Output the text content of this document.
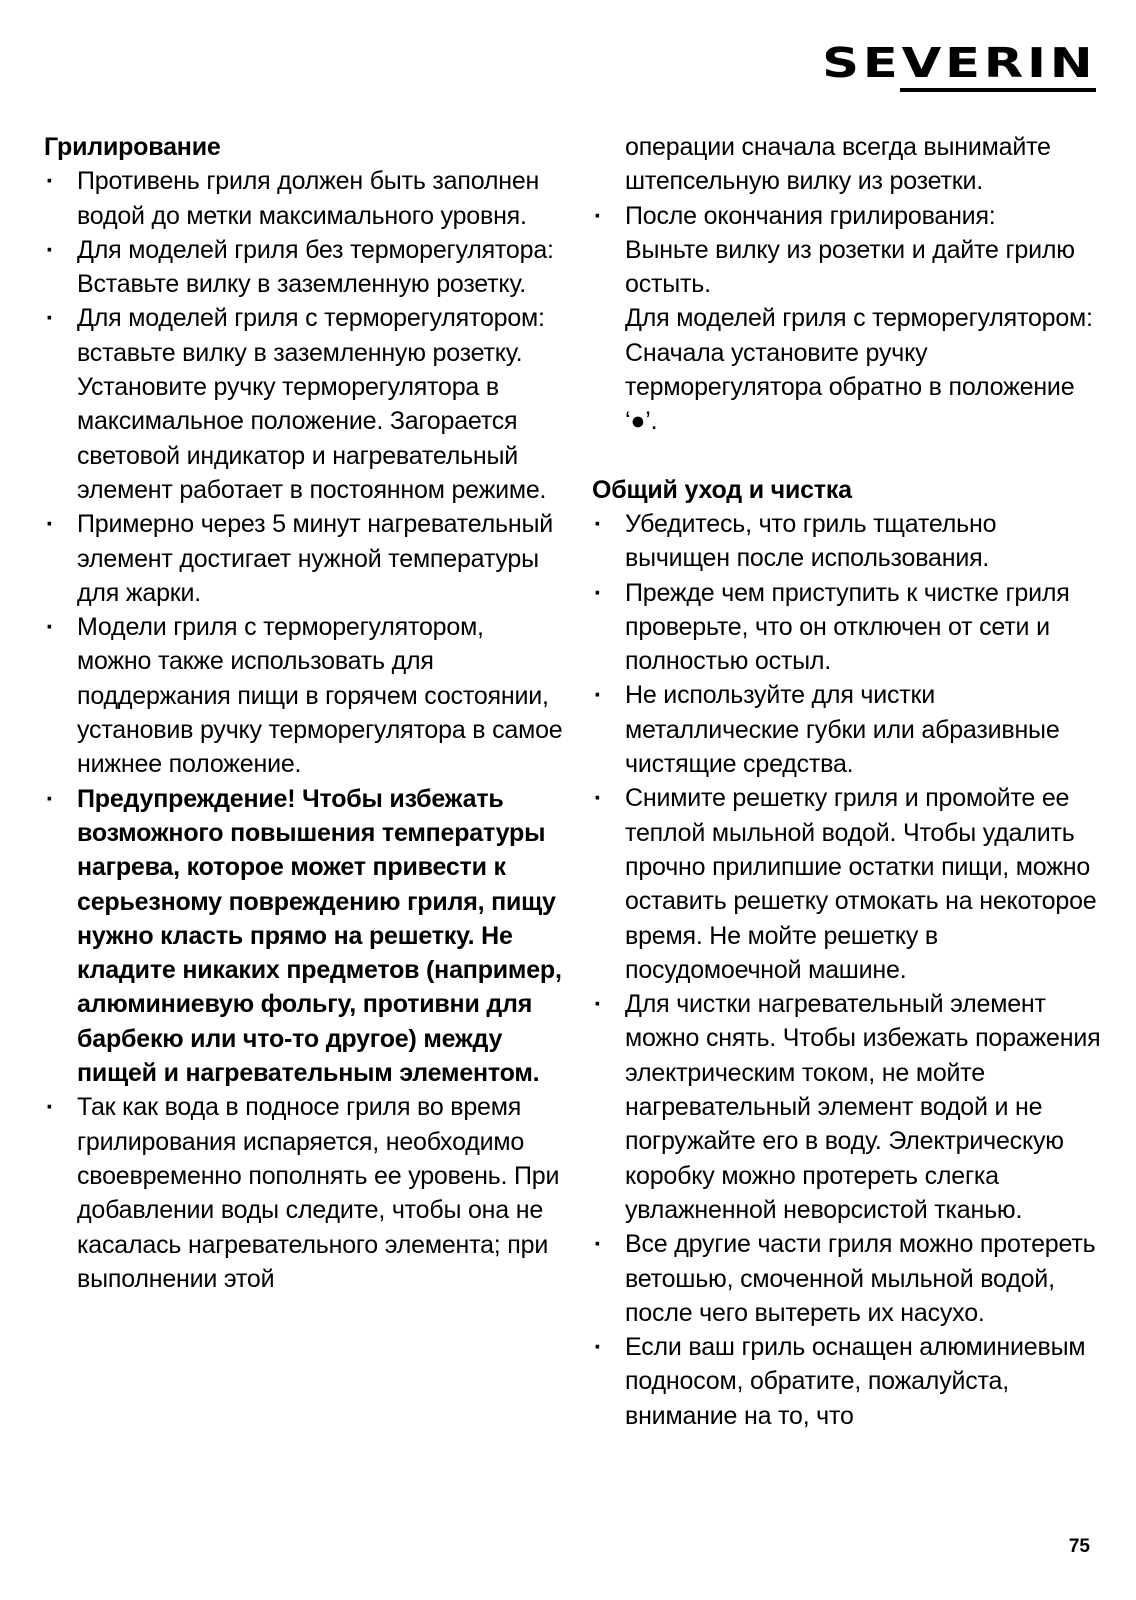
SEVERIN
Грилирование
· Противень гриля должен быть заполнен водой до метки максимального уровня.

· Для моделей гриля без терморегулятора:

Вставьте вилку в заземленную розетку.

· Для моделей гриля с терморегулятором:

вставьте вилку в заземленную розетку. Установите ручку терморегулятора в максимальное положение. Загорается световой индикатор и нагревательный элемент работает в постоянном режиме.

· Примерно через 5 минут нагревательный элемент достигает нужной температуры для жарки.

· Модели гриля с терморегулятором, можно также использовать для поддержания пищи в горячем состоянии, установив ручку терморегулятора в самое нижнее положение.

· Предупреждение! Чтобы избежать возможного повышения температуры нагрева, которое может привести к серьезному повреждению гриля, пищу нужно класть прямо на решетку. Не кладите никаких предметов (например, алюминиевую фольгу, противни для барбекю или что-то другое) между пищей и нагревательным элементом.

· Так как вода в подносе гриля во время грилирования испаряется, необходимо своевременно пополнять ее уровень. При добавлении воды следите, чтобы она не касалась нагревательного элемента; при выполнении этой

операции сначала всегда вынимайте штепсельную вилку из розетки.

· После окончания грилирования:

Выньте вилку из розетки и дайте грилю остыть.

Для моделей гриля с терморегулятором:

Сначала установите ручку терморегулятора обратно в положение ‘●’.

Общий уход и чистка
· Убедитесь, что гриль тщательно вычищен после использования.

· Прежде чем приступить к чистке гриля проверьте, что он отключен от сети и полностью остыл.

· Не используйте для чистки металлические губки или абразивные чистящие средства.

· Снимите решетку гриля и промойте ее теплой мыльной водой. Чтобы удалить прочно прилипшие остатки пищи, можно оставить решетку отмокать на некоторое время. Не мойте решетку в посудомоечной машине.

· Для чистки нагревательный элемент можно снять. Чтобы избежать поражения электрическим током, не мойте нагревательный элемент водой и не погружайте его в воду. Электрическую коробку можно протереть слегка увлажненной неворсистой тканью.

· Все другие части гриля можно протереть ветошью, смоченной мыльной водой, после чего вытереть их насухо.

· Если ваш гриль оснащен алюминиевым подносом, обратите, пожалуйста, внимание на то, что

75
